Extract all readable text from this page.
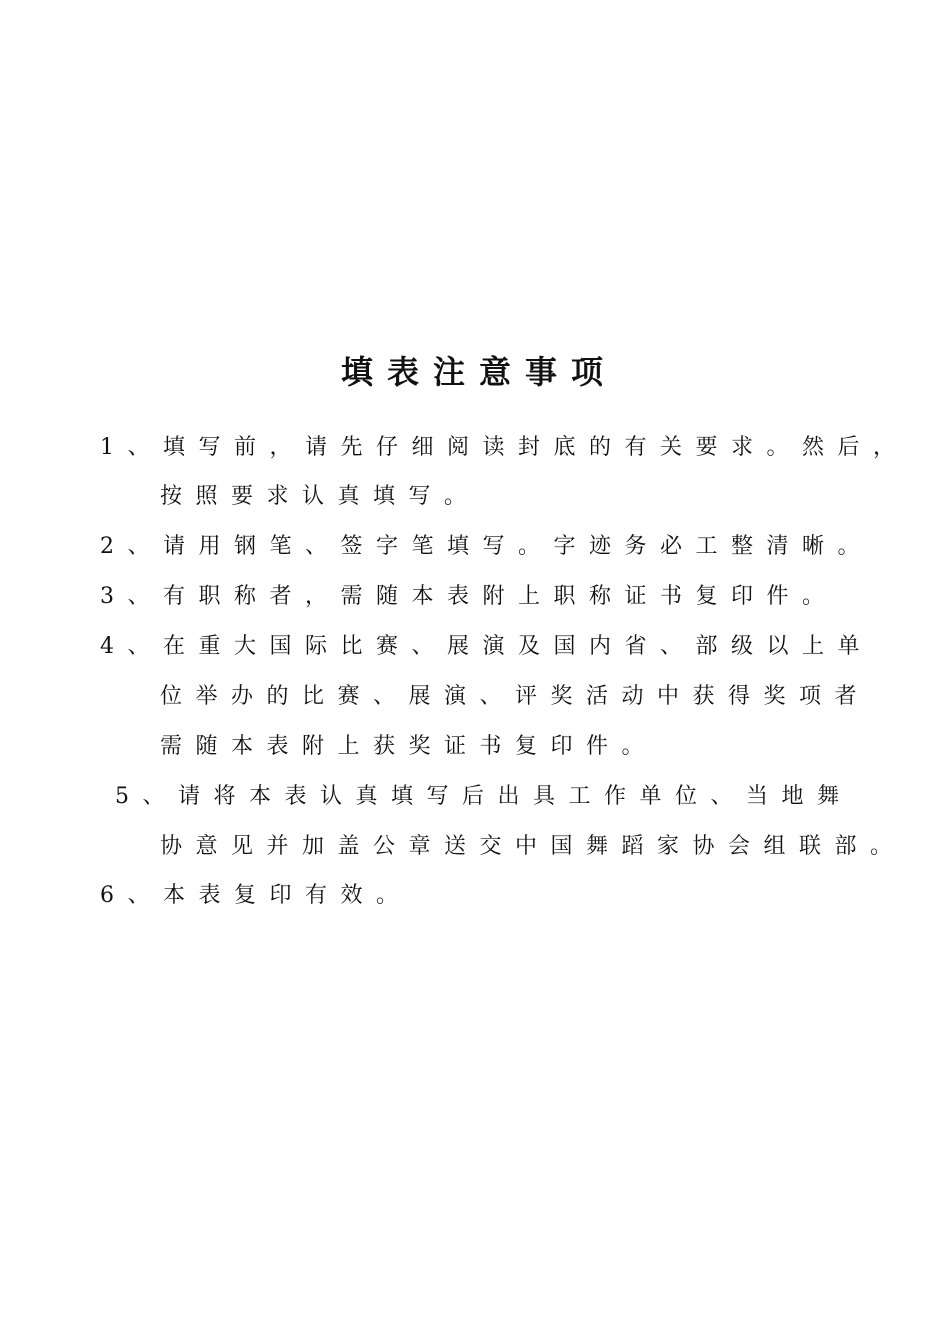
填表注意事项
1、填写前，请先仔细阅读封底的有关要求。然后，
按照要求认真填写。
2、请用钢笔、签字笔填写。字迹务必工整清晰。
3、有职称者，需随本表附上职称证书复印件。
4、在重大国际比赛、展演及国内省、部级以上单
位举办的比赛、展演、评奖活动中获得奖项者
需随本表附上获奖证书复印件。
5、请将本表认真填写后出具工作单位、当地舞
协意见并加盖公章送交中国舞蹈家协会组联部。
6、本表复印有效。
